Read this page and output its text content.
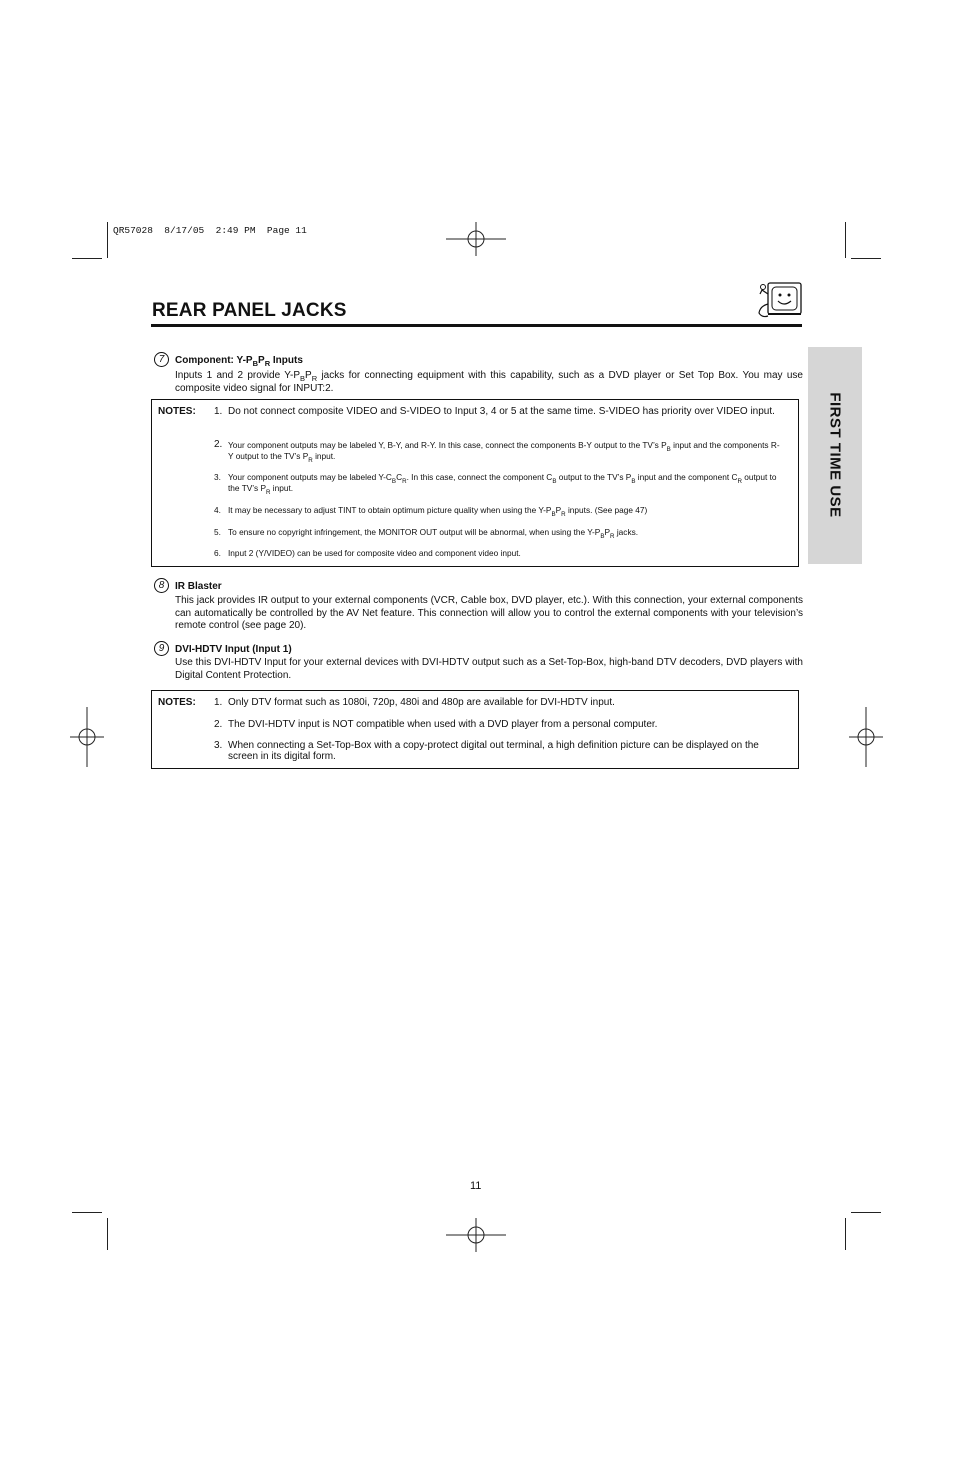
QR57028  8/17/05  2:49 PM  Page 11
REAR PANEL JACKS
FIRST TIME USE
7	Component: $Y-P_BP_R$ Inputs
Inputs 1 and 2 provide $Y-P_BP_R$ jacks for connecting equipment with this capability, such as a DVD player or Set Top Box. You may use composite video signal for INPUT:2.
NOTES: 1. Do not connect composite VIDEO and S-VIDEO to Input 3, 4 or 5 at the same time. S-VIDEO has priority over VIDEO input.
2. Your component outputs may be labeled Y, B-Y, and R-Y. In this case, connect the components B-Y output to the TV’s $P_B$ input and the components R-Y output to the TV’s $P_R$ input.
3. Your component outputs may be labeled $Y-C_BC_R$. In this case, connect the component $C_B$ output to the TV’s $P_B$ input and the component $C_R$ output to the TV’s $P_R$ input.
4. It may be necessary to adjust TINT to obtain optimum picture quality when using the $Y-P_BP_R$ inputs. (See page 47)
5. To ensure no copyright infringement, the MONITOR OUT output will be abnormal, when using the $Y-P_BP_R$ jacks.
6. Input 2 (Y/VIDEO) can be used for composite video and component video input.
8	IR Blaster
This jack provides IR output to your external components (VCR, Cable box, DVD player, etc.). With this connection, your external components can automatically be controlled by the AV Net feature. This connection will allow you to control the external components with your television’s remote control (see page 20).
9	DVI-HDTV Input (Input 1)
Use this DVI-HDTV Input for your external devices with DVI-HDTV output such as a Set-Top-Box, high-band DTV decoders, DVD players with Digital Content Protection.
NOTES: 1. Only DTV format such as 1080i, 720p, 480i and 480p are available for DVI-HDTV input.
2. The DVI-HDTV input is NOT compatible when used with a DVD player from a personal computer.
3. When connecting a Set-Top-Box with a copy-protect digital out terminal, a high definition picture can be displayed on the screen in its digital form.
11
